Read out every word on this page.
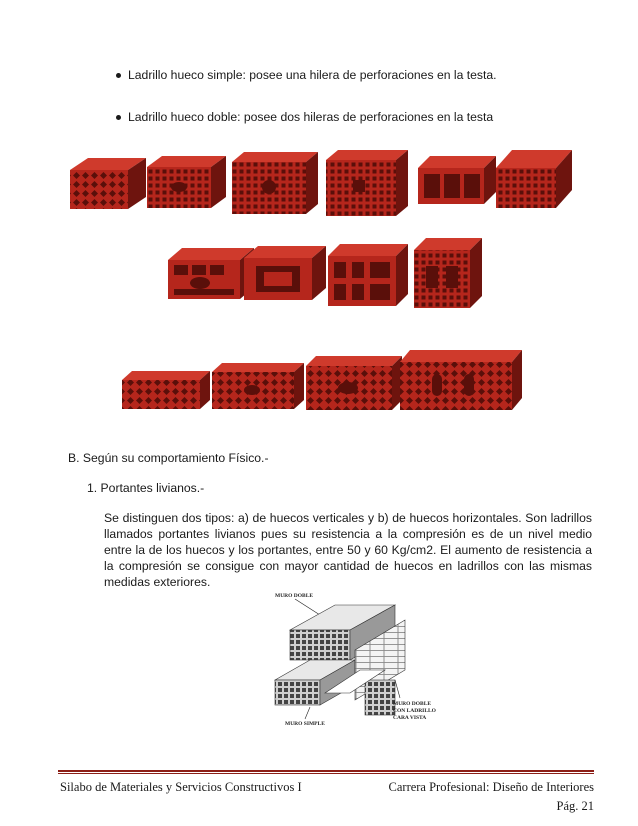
Ladrillo hueco simple: posee una hilera de perforaciones en la testa.
Ladrillo hueco doble: posee dos hileras de perforaciones en la testa
B. Según su comportamiento Físico.-
1. Portantes livianos.-

Se distinguen dos tipos: a) de huecos verticales y b) de huecos horizontales. Son ladrillos llamados portantes livianos pues su resistencia a la compresión es de un nivel medio entre la de los huecos y los portantes, entre 50 y 60 Kg/cm2. El aumento de resistencia a la compresión se consigue con mayor cantidad de huecos en ladrillos con las mismas medidas exteriores.

MURO DOBLE
MURO SIMPLE
MURO DOBLE
CON LADRILLO
CARA VISTA
Silabo de Materiales y Servicios Constructivos I	Carrera Profesional: Diseño de Interiores
Pág. 21
